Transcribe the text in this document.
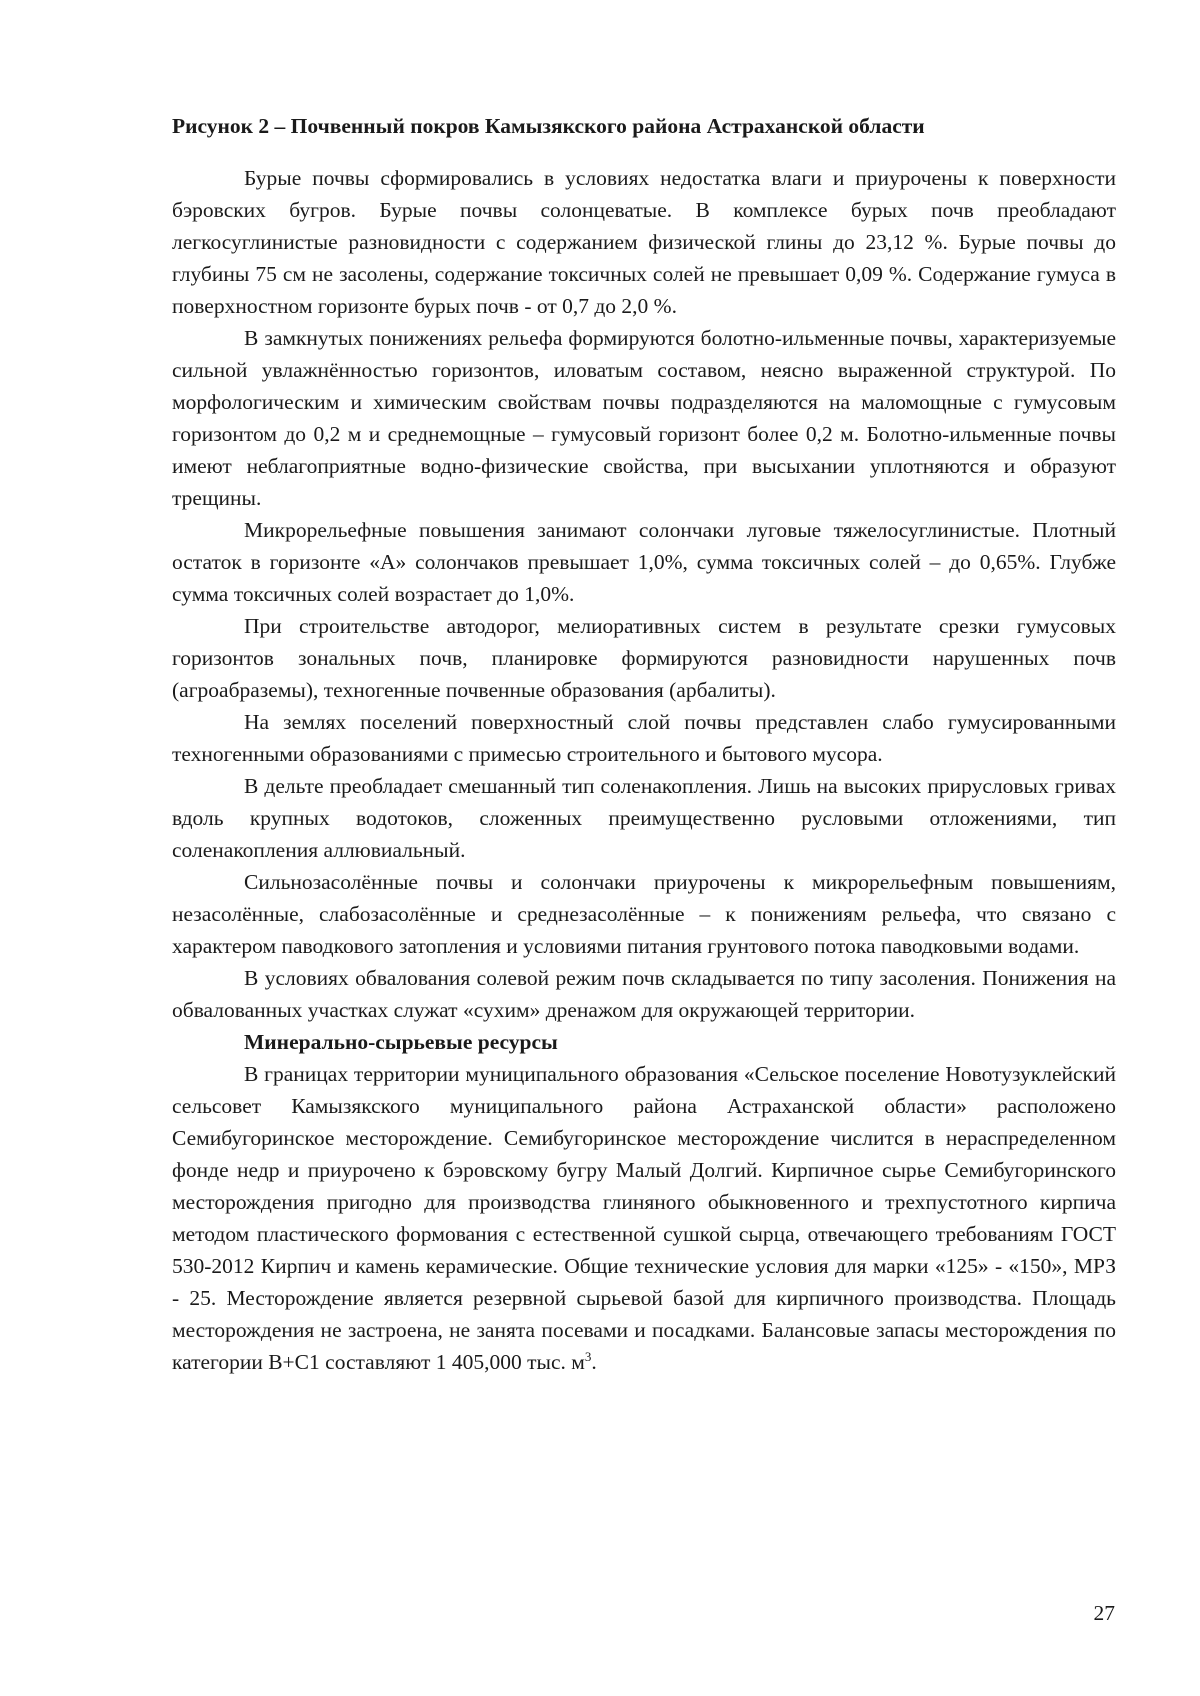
Рисунок 2 – Почвенный покров Камызякского района Астраханской области

Бурые почвы сформировались в условиях недостатка влаги и приурочены к поверхности бэровских бугров. Бурые почвы солонцеватые. В комплексе бурых почв преобладают легкосуглинистые разновидности с содержанием физической глины до 23,12 %. Бурые почвы до глубины 75 см не засолены, содержание токсичных солей не превышает 0,09 %. Содержание гумуса в поверхностном горизонте бурых почв - от 0,7 до 2,0 %.

В замкнутых понижениях рельефа формируются болотно-ильменные почвы, характеризуемые сильной увлажнённостью горизонтов, иловатым составом, неясно выраженной структурой. По морфологическим и химическим свойствам почвы подразделяются на маломощные с гумусовым горизонтом до 0,2 м и среднемощные – гумусовый горизонт более 0,2 м. Болотно-ильменные почвы имеют неблагоприятные водно-физические свойства, при высыхании уплотняются и образуют трещины.

Микрорельефные повышения занимают солончаки луговые тяжелосуглинистые. Плотный остаток в горизонте «А» солончаков превышает 1,0%, сумма токсичных солей – до 0,65%. Глубже сумма токсичных солей возрастает до 1,0%.

При строительстве автодорог, мелиоративных систем в результате срезки гумусовых горизонтов зональных почв, планировке формируются разновидности нарушенных почв (агроабраземы), техногенные почвенные образования (арбалиты).

На землях поселений поверхностный слой почвы представлен слабо гумусированными техногенными образованиями с примесью строительного и бытового мусора.

В дельте преобладает смешанный тип соленакопления. Лишь на высоких прирусловых гривах вдоль крупных водотоков, сложенных преимущественно русловыми отложениями, тип соленакопления аллювиальный.

Сильнозасолённые почвы и солончаки приурочены к микрорельефным повышениям, незасолённые, слабозасолённые и среднезасолённые – к понижениям рельефа, что связано с характером паводкового затопления и условиями питания грунтового потока паводковыми водами.

В условиях обвалования солевой режим почв складывается по типу засоления. Понижения на обвалованных участках служат «сухим» дренажом для окружающей территории.

Минерально-сырьевые ресурсы

В границах территории муниципального образования «Сельское поселение Новотузуклейский сельсовет Камызякского муниципального района Астраханской области» расположено Семибугоринское месторождение. Семибугоринское месторождение числится в нераспределенном фонде недр и приурочено к бэровскому бугру Малый Долгий. Кирпичное сырье Семибугоринского месторождения пригодно для производства глиняного обыкновенного и трехпустотного кирпича методом пластического формования с естественной сушкой сырца, отвечающего требованиям ГОСТ 530-2012 Кирпич и камень керамические. Общие технические условия для марки «125» - «150», МРЗ - 25. Месторождение является резервной сырьевой базой для кирпичного производства. Площадь месторождения не застроена, не занята посевами и посадками. Балансовые запасы месторождения по категории В+С1 составляют 1 405,000 тыс. $м^3$.

27
